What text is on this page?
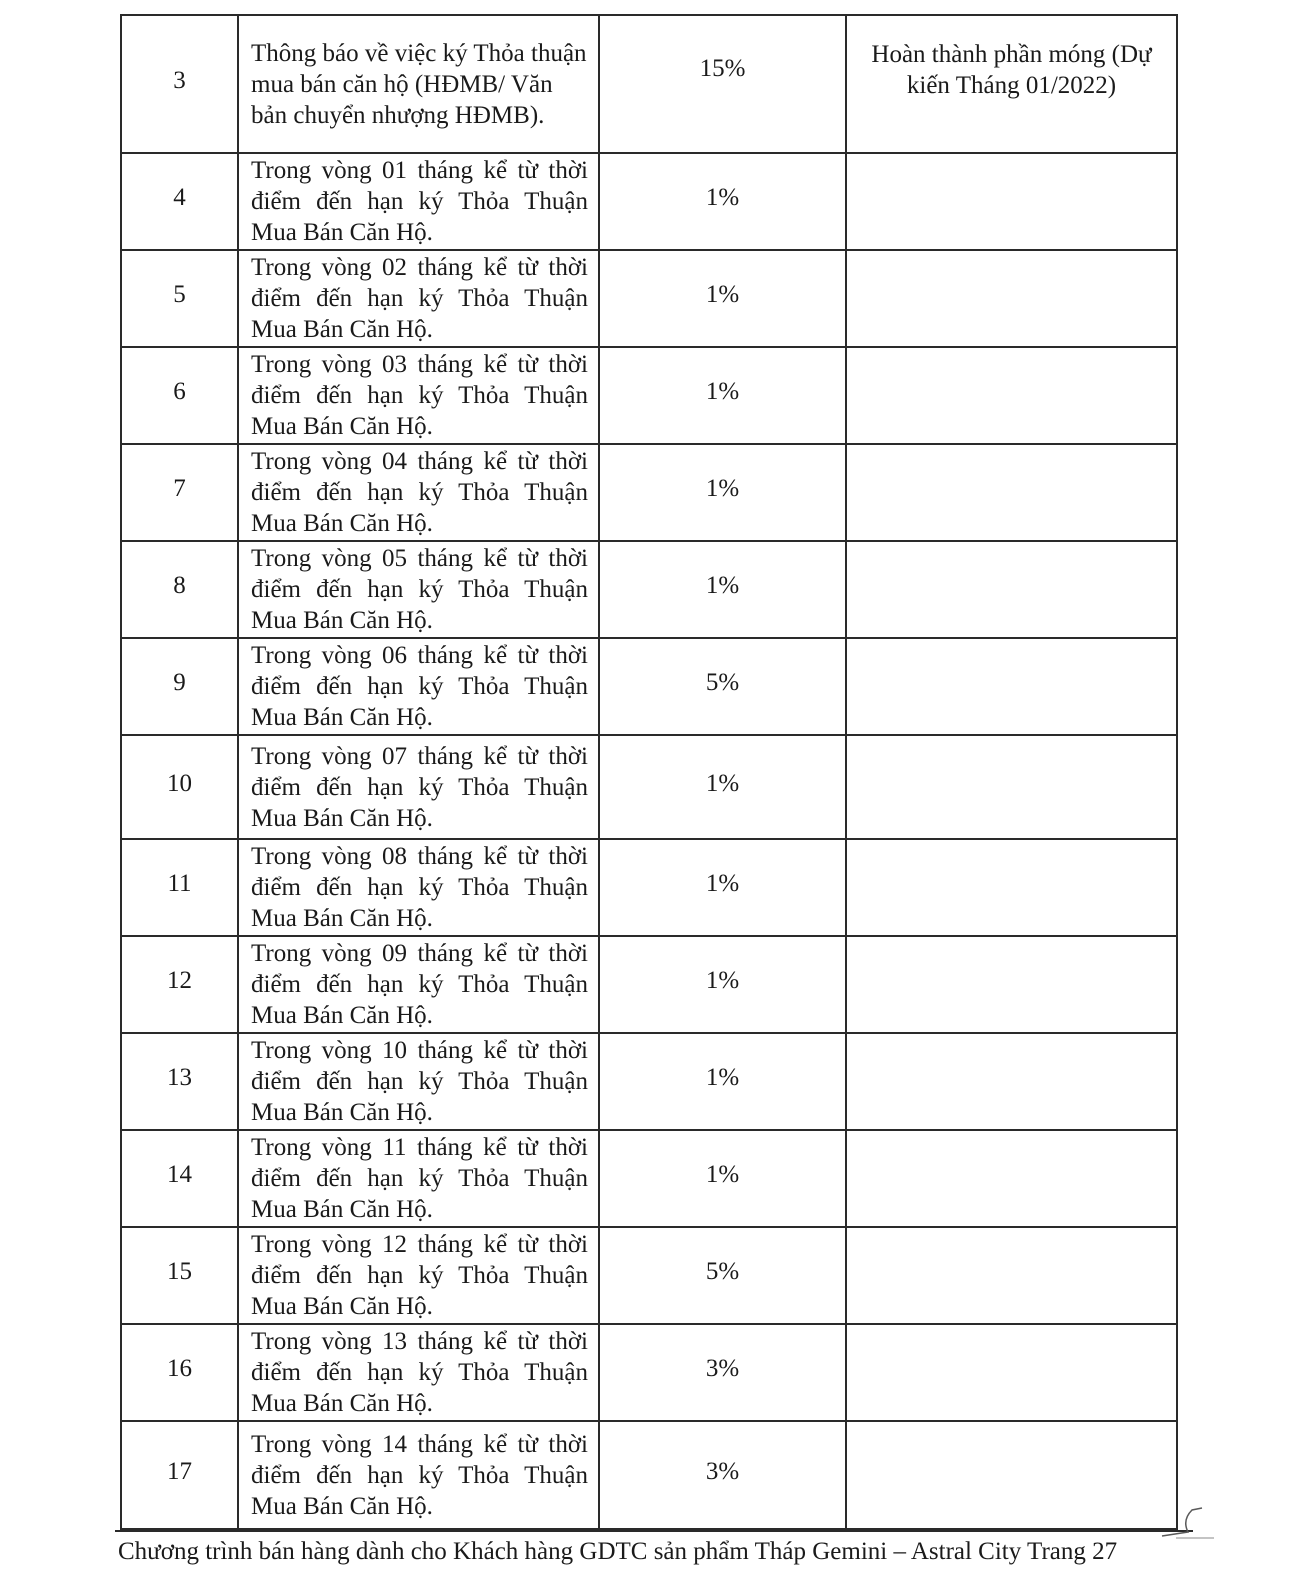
3	Thông báo về việc ký Thỏa thuận mua bán căn hộ (HĐMB/ Văn bản chuyển nhượng HĐMB).	15%	Hoàn thành phần móng (Dự kiến Tháng 01/2022)

4	Trong vòng 01 tháng kể từ thời điểm đến hạn ký Thỏa Thuận Mua Bán Căn Hộ.	1%	
5	Trong vòng 02 tháng kể từ thời điểm đến hạn ký Thỏa Thuận Mua Bán Căn Hộ.	1%	
6	Trong vòng 03 tháng kể từ thời điểm đến hạn ký Thỏa Thuận Mua Bán Căn Hộ.	1%	
7	Trong vòng 04 tháng kể từ thời điểm đến hạn ký Thỏa Thuận Mua Bán Căn Hộ.	1%	
8	Trong vòng 05 tháng kể từ thời điểm đến hạn ký Thỏa Thuận Mua Bán Căn Hộ.	1%	
9	Trong vòng 06 tháng kể từ thời điểm đến hạn ký Thỏa Thuận Mua Bán Căn Hộ.	5%	
10	Trong vòng 07 tháng kể từ thời điểm đến hạn ký Thỏa Thuận Mua Bán Căn Hộ.	1%	
11	Trong vòng 08 tháng kể từ thời điểm đến hạn ký Thỏa Thuận Mua Bán Căn Hộ.	1%	
12	Trong vòng 09 tháng kể từ thời điểm đến hạn ký Thỏa Thuận Mua Bán Căn Hộ.	1%	
13	Trong vòng 10 tháng kể từ thời điểm đến hạn ký Thỏa Thuận Mua Bán Căn Hộ.	1%	
14	Trong vòng 11 tháng kể từ thời điểm đến hạn ký Thỏa Thuận Mua Bán Căn Hộ.	1%	
15	Trong vòng 12 tháng kể từ thời điểm đến hạn ký Thỏa Thuận Mua Bán Căn Hộ.	5%	
16	Trong vòng 13 tháng kể từ thời điểm đến hạn ký Thỏa Thuận Mua Bán Căn Hộ.	3%	
17	Trong vòng 14 tháng kể từ thời điểm đến hạn ký Thỏa Thuận Mua Bán Căn Hộ.	3%	
Chương trình bán hàng dành cho Khách hàng GDTC sản phẩm Tháp Gemini – Astral City Trang 27
